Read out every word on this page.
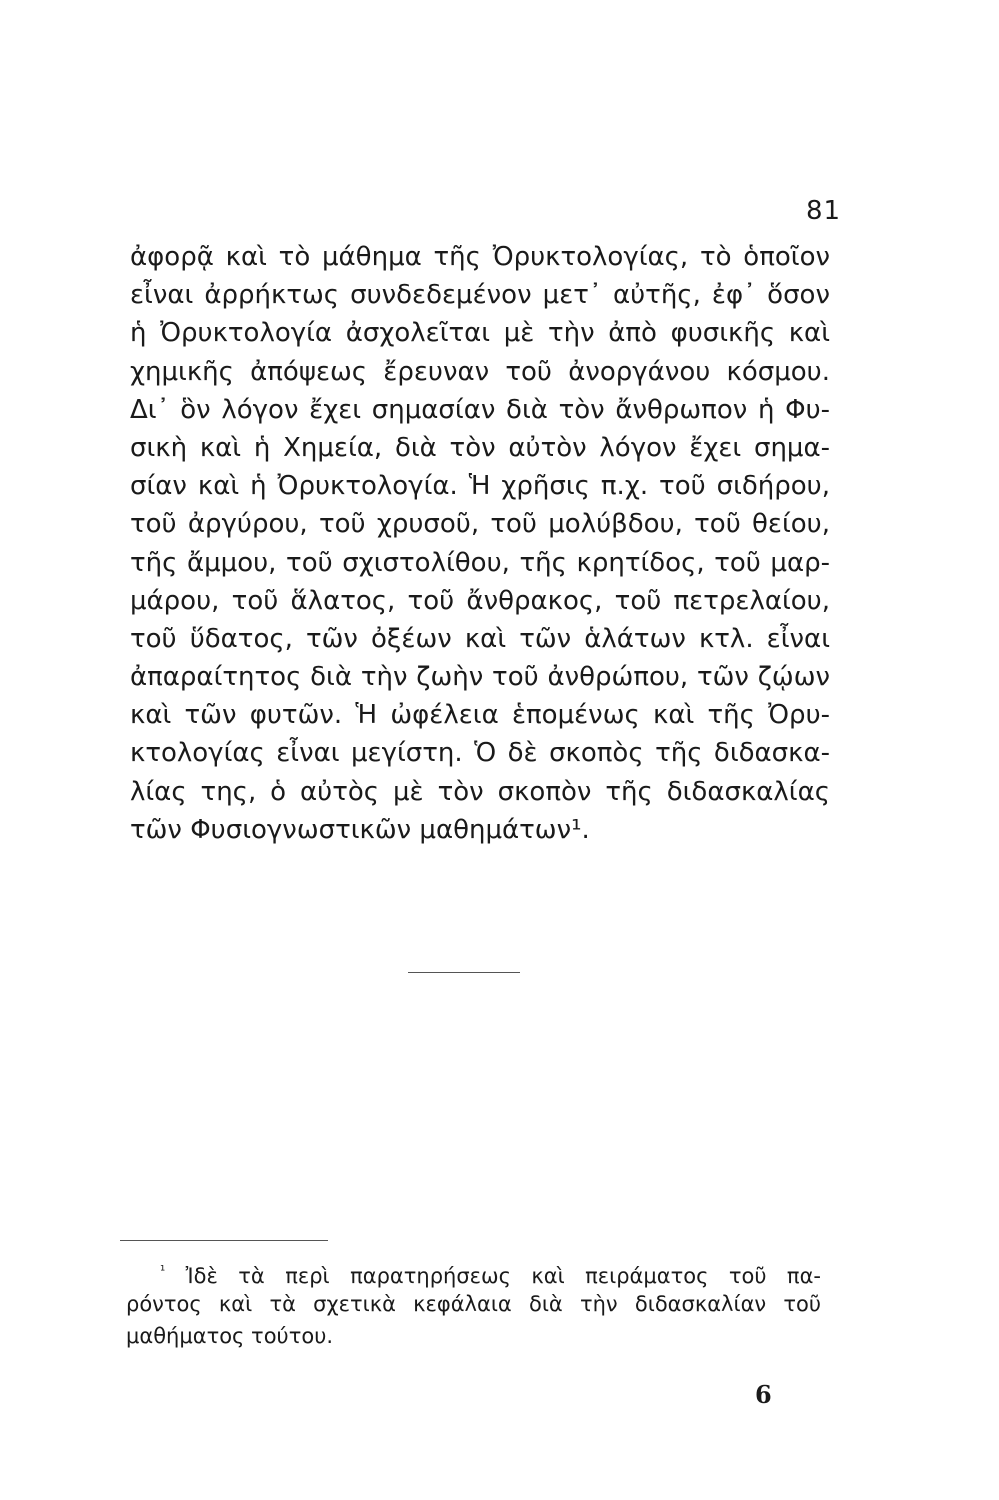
81
ἀφορᾷ καὶ τὸ μάθημα τῆς Ὀρυκτολογίας, τὸ ὁποῖον
εἶναι ἀρρήκτως συνδεδεμένον μετ᾽ αὐτῆς, ἐφ᾽ ὅσον
ἡ Ὀρυκτολογία ἀσχολεῖται μὲ τὴν ἀπὸ φυσικῆς καὶ
χημικῆς ἀπόψεως ἔρευναν τοῦ ἀνοργάνου κόσμου.
Δι᾽ ὃν λόγον ἔχει σημασίαν διὰ τὸν ἄνθρωπον ἡ Φυ-
σικὴ καὶ ἡ Χημεία, διὰ τὸν αὐτὸν λόγον ἔχει σημα-
σίαν καὶ ἡ Ὀρυκτολογία. Ἡ χρῆσις π.χ. τοῦ σιδήρου,
τοῦ ἀργύρου, τοῦ χρυσοῦ, τοῦ μολύβδου, τοῦ θείου,
τῆς ἄμμου, τοῦ σχιστολίθου, τῆς κρητίδος, τοῦ μαρ-
μάρου, τοῦ ἅλατος, τοῦ ἄνθρακος, τοῦ πετρελαίου,
τοῦ ὕδατος, τῶν ὀξέων καὶ τῶν ἁλάτων κτλ. εἶναι
ἀπαραίτητος διὰ τὴν ζωὴν τοῦ ἀνθρώπου, τῶν ζῴων
καὶ τῶν φυτῶν. Ἡ ὠφέλεια ἑπομένως καὶ τῆς Ὀρυ-
κτολογίας εἶναι μεγίστη. Ὁ δὲ σκοπὸς τῆς διδασκα-
λίας της, ὁ αὐτὸς μὲ τὸν σκοπὸν τῆς διδασκαλίας
τῶν Φυσιογνωστικῶν μαθημάτων¹.
$^{^1}$ Ἰδὲ τὰ περὶ παρατηρήσεως καὶ πειράματος τοῦ πα-
ρόντος καὶ τὰ σχετικὰ κεφάλαια διὰ τὴν διδασκαλίαν τοῦ
μαθήματος τούτου.
6
